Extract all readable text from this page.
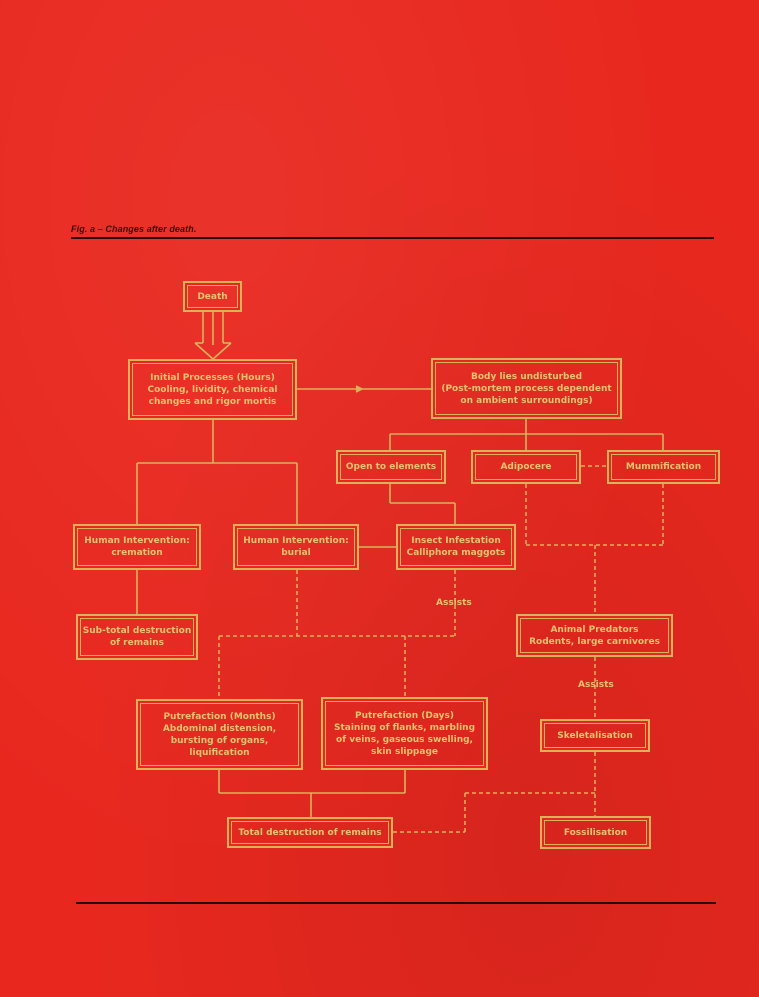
Fig. a – Changes after death.
Death
Initial Processes (Hours)
Cooling, lividity, chemical
changes and rigor mortis
Body lies undisturbed
(Post-mortem process dependent
on ambient surroundings)
Open to elements	Adipocere	Mummification
Human Intervention:
cremation
Human Intervention:
burial
Insect Infestation
Calliphora maggots
Assists
Sub-total destruction
of remains
Animal Predators
Rodents, large carnivores
Assists
Putrefaction (Months)
Abdominal distension,
bursting of organs,
liquification
Putrefaction (Days)
Staining of flanks, marbling
of veins, gaseous swelling,
skin slippage
Skeletalisation
Total destruction of remains	Fossilisation
